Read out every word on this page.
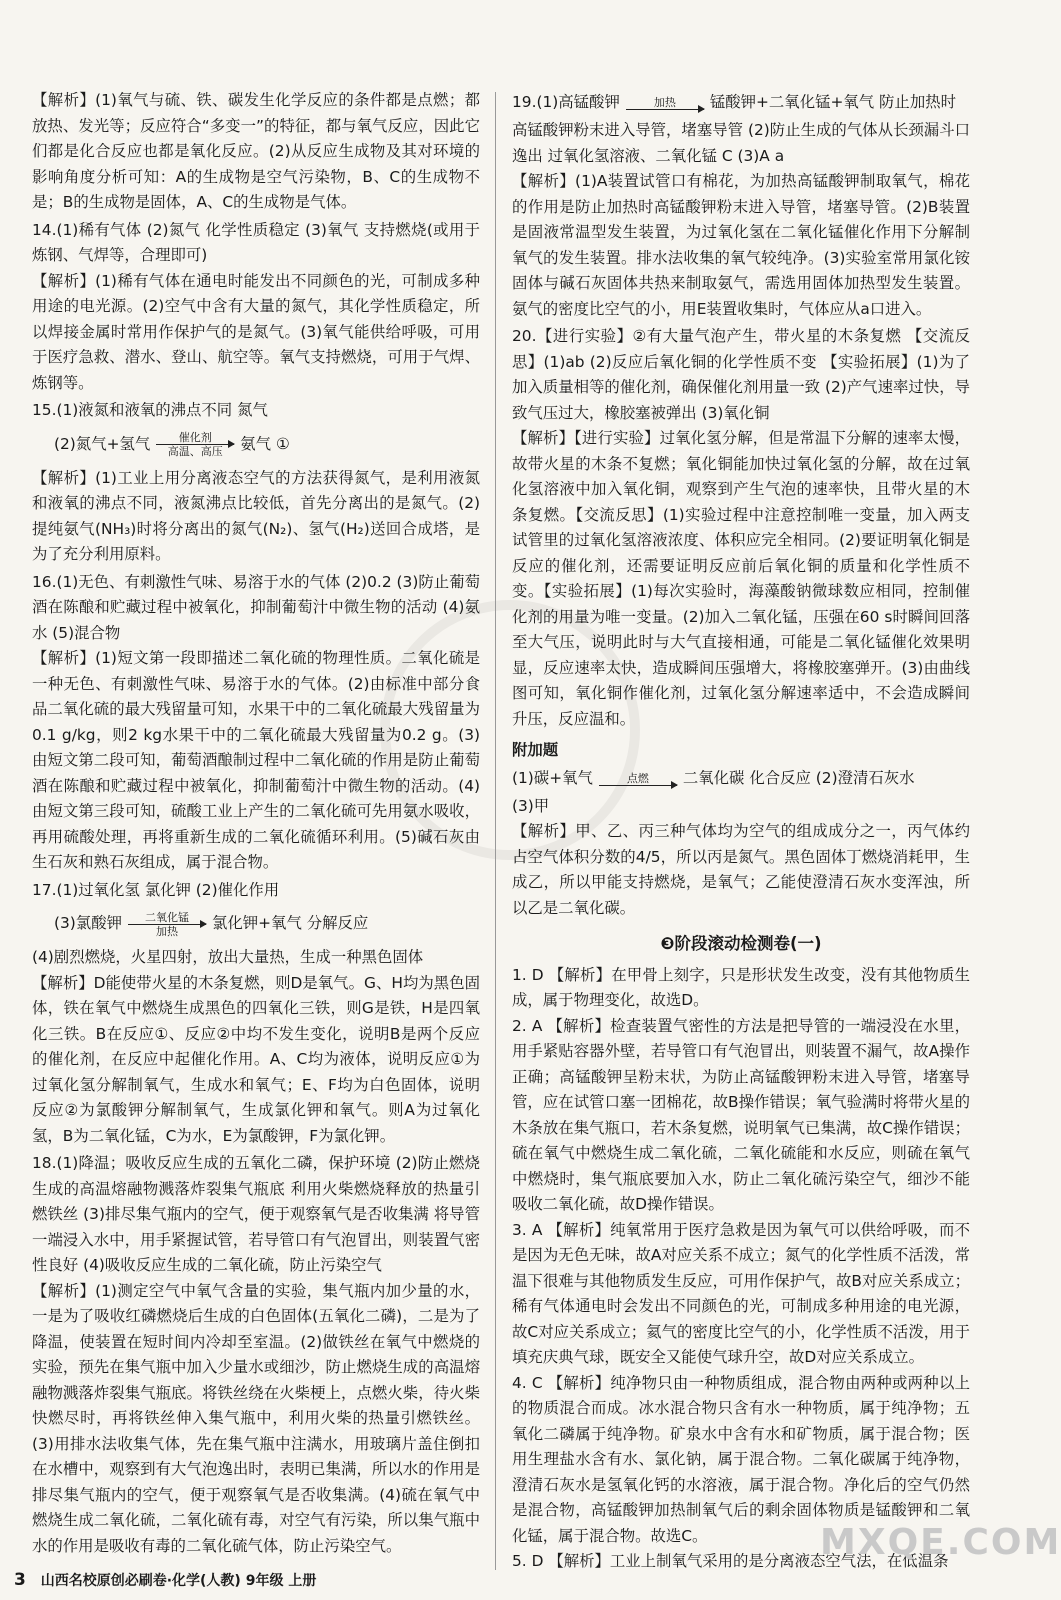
【解析】(1)氧气与硫、铁、碳发生化学反应的条件都是点燃；都放热、发光等；反应符合“多变一”的特征，都与氧气反应，因此它们都是化合反应也都是氧化反应。(2)从反应生成物及其对环境的影响角度分析可知：A的生成物是空气污染物，B、C的生成物不是；B的生成物是固体，A、C的生成物是气体。

14.(1)稀有气体 (2)氮气 化学性质稳定 (3)氧气 支持燃烧(或用于炼钢、气焊等，合理即可)

【解析】(1)稀有气体在通电时能发出不同颜色的光，可制成多种用途的电光源。(2)空气中含有大量的氮气，其化学性质稳定，所以焊接金属时常用作保护气的是氮气。(3)氧气能供给呼吸，可用于医疗急救、潜水、登山、航空等。氧气支持燃烧，可用于气焊、炼钢等。

15.(1)液氮和液氧的沸点不同 氮气

(2)氮气+氢气	催化剂
高温、高压 氨气 ①

【解析】(1)工业上用分离液态空气的方法获得氮气，是利用液氮和液氧的沸点不同，液氮沸点比较低，首先分离出的是氮气。(2)提纯氨气(NH₃)时将分离出的氮气(N₂)、氢气(H₂)送回合成塔，是为了充分利用原料。

16.(1)无色、有刺激性气味、易溶于水的气体 (2)0.2 (3)防止葡萄酒在陈酿和贮藏过程中被氧化，抑制葡萄汁中微生物的活动 (4)氨水 (5)混合物

【解析】(1)短文第一段即描述二氧化硫的物理性质。二氧化硫是一种无色、有刺激性气味、易溶于水的气体。(2)由标准中部分食品二氧化硫的最大残留量可知，水果干中的二氧化硫最大残留量为0.1 g/kg，则2 kg水果干中的二氧化硫最大残留量为0.2 g。(3)由短文第二段可知，葡萄酒酿制过程中二氧化硫的作用是防止葡萄酒在陈酿和贮藏过程中被氧化，抑制葡萄汁中微生物的活动。(4)由短文第三段可知，硫酸工业上产生的二氧化硫可先用氨水吸收，再用硫酸处理，再将重新生成的二氧化硫循环利用。(5)碱石灰由生石灰和熟石灰组成，属于混合物。

17.(1)过氧化氢 氯化钾 (2)催化作用

(3)氯酸钾 二氧化锰
加热 氯化钾+氧气 分解反应

(4)剧烈燃烧，火星四射，放出大量热，生成一种黑色固体

【解析】D能使带火星的木条复燃，则D是氧气。G、H均为黑色固体，铁在氧气中燃烧生成黑色的四氧化三铁，则G是铁，H是四氧化三铁。B在反应①、反应②中均不发生变化，说明B是两个反应的催化剂，在反应中起催化作用。A、C均为液体，说明反应①为过氧化氢分解制氧气，生成水和氧气；E、F均为白色固体，说明反应②为氯酸钾分解制氧气，生成氯化钾和氧气。则A为过氧化氢，B为二氧化锰，C为水，E为氯酸钾，F为氯化钾。

18.(1)降温；吸收反应生成的五氧化二磷，保护环境 (2)防止燃烧生成的高温熔融物溅落炸裂集气瓶底 利用火柴燃烧释放的热量引燃铁丝 (3)排尽集气瓶内的空气，便于观察氧气是否收集满 将导管一端浸入水中，用手紧握试管，若导管口有气泡冒出，则装置气密性良好 (4)吸收反应生成的二氧化硫，防止污染空气

【解析】(1)测定空气中氧气含量的实验，集气瓶内加少量的水，一是为了吸收红磷燃烧后生成的白色固体(五氧化二磷)，二是为了降温，使装置在短时间内冷却至室温。(2)做铁丝在氧气中燃烧的实验，预先在集气瓶中加入少量水或细沙，防止燃烧生成的高温熔融物溅落炸裂集气瓶底。将铁丝绕在火柴梗上，点燃火柴，待火柴快燃尽时，再将铁丝伸入集气瓶中，利用火柴的热量引燃铁丝。(3)用排水法收集气体，先在集气瓶中注满水，用玻璃片盖住倒扣在水槽中，观察到有大气泡逸出时，表明已集满，所以水的作用是排尽集气瓶内的空气，便于观察氧气是否收集满。(4)硫在氧气中燃烧生成二氧化硫，二氧化硫有毒，对空气有污染，所以集气瓶中水的作用是吸收有毒的二氧化硫气体，防止污染空气。

19.(1)高锰酸钾	加热 锰酸钾+二氧化锰+氧气 防止加热时

高锰酸钾粉末进入导管，堵塞导管 (2)防止生成的气体从长颈漏斗口逸出 过氧化氢溶液、二氧化锰 C (3)A a

【解析】(1)A装置试管口有棉花，为加热高锰酸钾制取氧气，棉花的作用是防止加热时高锰酸钾粉末进入导管，堵塞导管。(2)B装置是固液常温型发生装置，为过氧化氢在二氧化锰催化作用下分解制氧气的发生装置。排水法收集的氧气较纯净。(3)实验室常用氯化铵固体与碱石灰固体共热来制取氨气，需选用固体加热型发生装置。氨气的密度比空气的小，用E装置收集时，气体应从a口进入。

20.【进行实验】②有大量气泡产生，带火星的木条复燃 【交流反思】(1)ab (2)反应后氧化铜的化学性质不变 【实验拓展】(1)为了加入质量相等的催化剂，确保催化剂用量一致 (2)产气速率过快，导致气压过大，橡胶塞被弹出 (3)氧化铜

【解析】【进行实验】过氧化氢分解，但是常温下分解的速率太慢，故带火星的木条不复燃；氧化铜能加快过氧化氢的分解，故在过氧化氢溶液中加入氧化铜，观察到产生气泡的速率快，且带火星的木条复燃。【交流反思】(1)实验过程中注意控制唯一变量，加入两支试管里的过氧化氢溶液浓度、体积应完全相同。(2)要证明氧化铜是反应的催化剂，还需要证明反应前后氧化铜的质量和化学性质不变。【实验拓展】(1)每次实验时，海藻酸钠微球数应相同，控制催化剂的用量为唯一变量。(2)加入二氧化锰，压强在60 s时瞬间回落至大气压，说明此时与大气直接相通，可能是二氧化锰催化效果明显，反应速率太快，造成瞬间压强增大，将橡胶塞弹开。(3)由曲线图可知，氧化铜作催化剂，过氧化氢分解速率适中，不会造成瞬间升压，反应温和。

附加题

(1)碳+氧气	点燃 二氧化碳 化合反应 (2)澄清石灰水

(3)甲

【解析】甲、乙、丙三种气体均为空气的组成成分之一，丙气体约占空气体积分数的4/5，所以丙是氮气。黑色固体丁燃烧消耗甲，生成乙，所以甲能支持燃烧，是氧气；乙能使澄清石灰水变浑浊，所以乙是二氧化碳。

❸阶段滚动检测卷(一)

1. D 【解析】在甲骨上刻字，只是形状发生改变，没有其他物质生成，属于物理变化，故选D。

2. A 【解析】检查装置气密性的方法是把导管的一端浸没在水里，用手紧贴容器外壁，若导管口有气泡冒出，则装置不漏气，故A操作正确；高锰酸钾呈粉末状，为防止高锰酸钾粉末进入导管，堵塞导管，应在试管口塞一团棉花，故B操作错误；氧气验满时将带火星的木条放在集气瓶口，若木条复燃，说明氧气已集满，故C操作错误；硫在氧气中燃烧生成二氧化硫，二氧化硫能和水反应，则硫在氧气中燃烧时，集气瓶底要加入水，防止二氧化硫污染空气，细沙不能吸收二氧化硫，故D操作错误。

3. A 【解析】纯氧常用于医疗急救是因为氧气可以供给呼吸，而不是因为无色无味，故A对应关系不成立；氮气的化学性质不活泼，常温下很难与其他物质发生反应，可用作保护气，故B对应关系成立；稀有气体通电时会发出不同颜色的光，可制成多种用途的电光源，故C对应关系成立；氦气的密度比空气的小，化学性质不活泼，用于填充庆典气球，既安全又能使气球升空，故D对应关系成立。

4. C 【解析】纯净物只由一种物质组成，混合物由两种或两种以上的物质混合而成。冰水混合物只含有水一种物质，属于纯净物；五氧化二磷属于纯净物。矿泉水中含有水和矿物质，属于混合物；医用生理盐水含有水、氯化钠，属于混合物。二氧化碳属于纯净物，澄清石灰水是氢氧化钙的水溶液，属于混合物。净化后的空气仍然是混合物，高锰酸钾加热制氧气后的剩余固体物质是锰酸钾和二氧化锰，属于混合物。故选C。

5. D 【解析】工业上制氧气采用的是分离液态空气法，在低温条

MXQE.COM
3 山西名校原创必刷卷·化学(人教) 9年级 上册
